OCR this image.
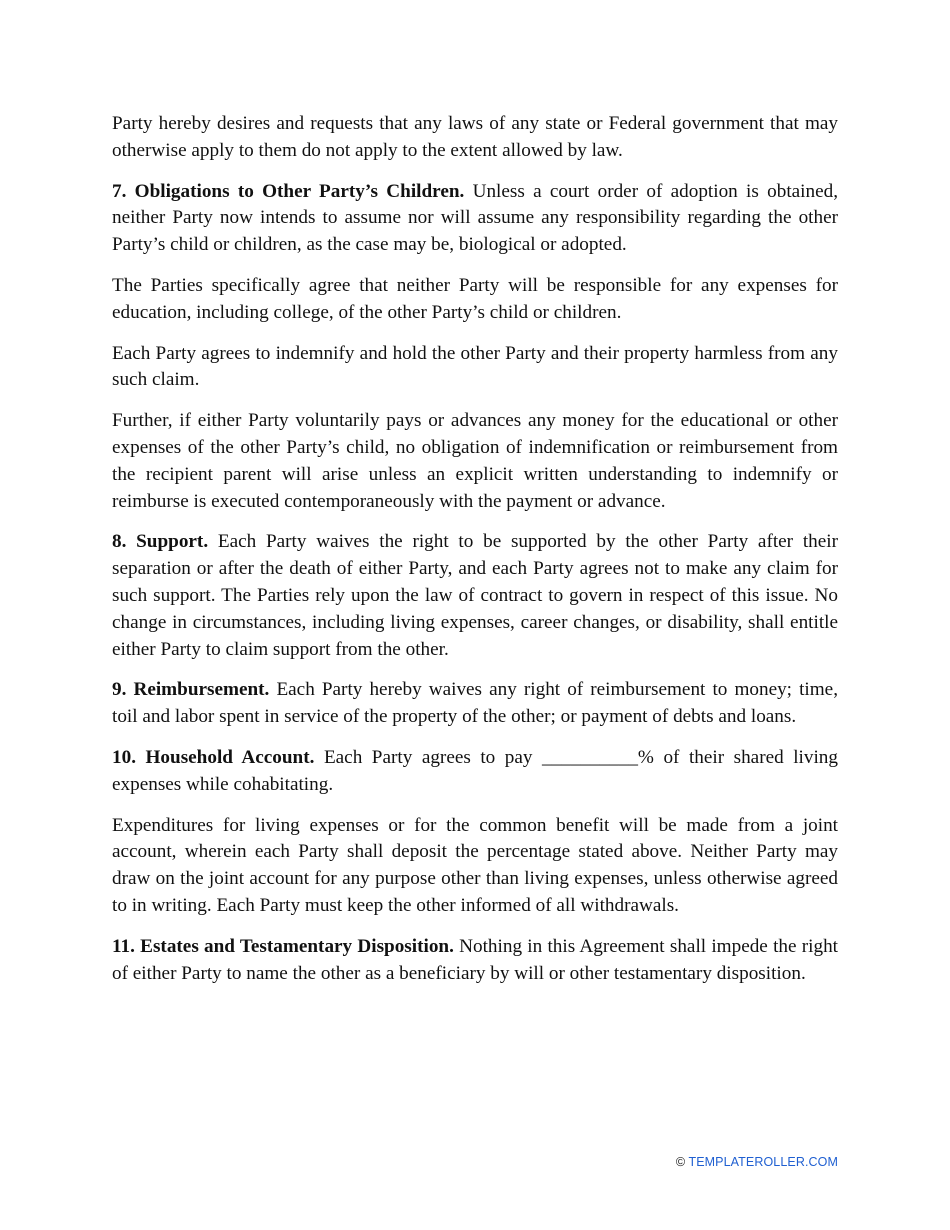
Party hereby desires and requests that any laws of any state or Federal government that may otherwise apply to them do not apply to the extent allowed by law.

7. Obligations to Other Party’s Children. Unless a court order of adoption is obtained, neither Party now intends to assume nor will assume any responsibility regarding the other Party’s child or children, as the case may be, biological or adopted.

The Parties specifically agree that neither Party will be responsible for any expenses for education, including college, of the other Party’s child or children.

Each Party agrees to indemnify and hold the other Party and their property harmless from any such claim.

Further, if either Party voluntarily pays or advances any money for the educational or other expenses of the other Party’s child, no obligation of indemnification or reimbursement from the recipient parent will arise unless an explicit written understanding to indemnify or reimburse is executed contemporaneously with the payment or advance.

8. Support. Each Party waives the right to be supported by the other Party after their separation or after the death of either Party, and each Party agrees not to make any claim for such support. The Parties rely upon the law of contract to govern in respect of this issue. No change in circumstances, including living expenses, career changes, or disability, shall entitle either Party to claim support from the other.

9. Reimbursement. Each Party hereby waives any right of reimbursement to money; time, toil and labor spent in service of the property of the other; or payment of debts and loans.

10. Household Account. Each Party agrees to pay __________% of their shared living expenses while cohabitating.

Expenditures for living expenses or for the common benefit will be made from a joint account, wherein each Party shall deposit the percentage stated above. Neither Party may draw on the joint account for any purpose other than living expenses, unless otherwise agreed to in writing. Each Party must keep the other informed of all withdrawals.

11. Estates and Testamentary Disposition. Nothing in this Agreement shall impede the right of either Party to name the other as a beneficiary by will or other testamentary disposition.

© TEMPLATEROLLER.COM
